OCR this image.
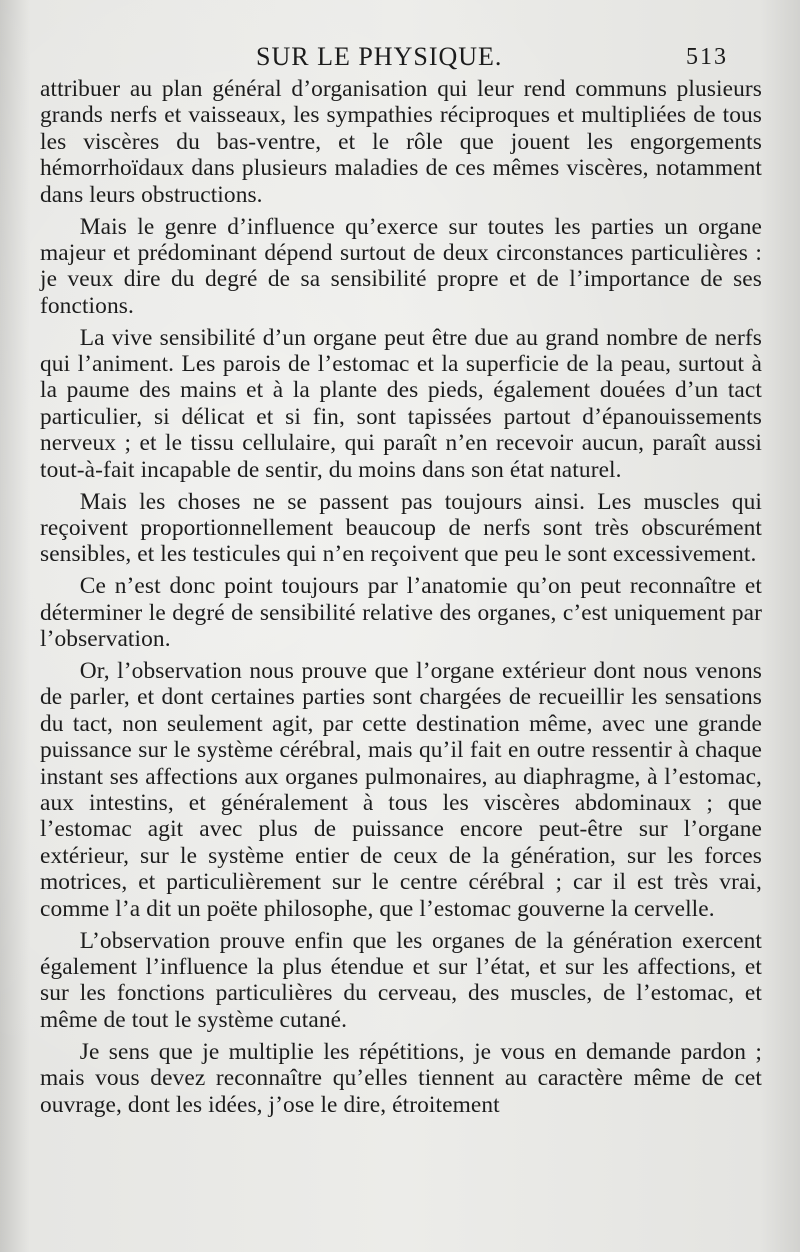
SUR LE PHYSIQUE.	513

attribuer au plan général d’organisation qui leur rend communs plusieurs grands nerfs et vaisseaux, les sympathies réciproques et multipliées de tous les viscères du bas-ventre, et le rôle que jouent les engorgements hémorrhoïdaux dans plusieurs maladies de ces mêmes viscères, notamment dans leurs obstructions.

Mais le genre d’influence qu’exerce sur toutes les parties un organe majeur et prédominant dépend surtout de deux circonstances particulières : je veux dire du degré de sa sensibilité propre et de l’importance de ses fonctions.

La vive sensibilité d’un organe peut être due au grand nombre de nerfs qui l’animent. Les parois de l’estomac et la superficie de la peau, surtout à la paume des mains et à la plante des pieds, également douées d’un tact particulier, si délicat et si fin, sont tapissées partout d’épanouissements nerveux ; et le tissu cellulaire, qui paraît n’en recevoir aucun, paraît aussi tout-à-fait incapable de sentir, du moins dans son état naturel.

Mais les choses ne se passent pas toujours ainsi. Les muscles qui reçoivent proportionnellement beaucoup de nerfs sont très obscurément sensibles, et les testicules qui n’en reçoivent que peu le sont excessivement.

Ce n’est donc point toujours par l’anatomie qu’on peut reconnaître et déterminer le degré de sensibilité relative des organes, c’est uniquement par l’observation.

Or, l’observation nous prouve que l’organe extérieur dont nous venons de parler, et dont certaines parties sont chargées de recueillir les sensations du tact, non seulement agit, par cette destination même, avec une grande puissance sur le système cérébral, mais qu’il fait en outre ressentir à chaque instant ses affections aux organes pulmonaires, au diaphragme, à l’estomac, aux intestins, et généralement à tous les viscères abdominaux ; que l’estomac agit avec plus de puissance encore peut-être sur l’organe extérieur, sur le système entier de ceux de la génération, sur les forces motrices, et particulièrement sur le centre cérébral ; car il est très vrai, comme l’a dit un poëte philosophe, que l’estomac gouverne la cervelle.

L’observation prouve enfin que les organes de la génération exercent également l’influence la plus étendue et sur l’état, et sur les affections, et sur les fonctions particulières du cerveau, des muscles, de l’estomac, et même de tout le système cutané.

Je sens que je multiplie les répétitions, je vous en demande pardon ; mais vous devez reconnaître qu’elles tiennent au caractère même de cet ouvrage, dont les idées, j’ose le dire, étroitement
